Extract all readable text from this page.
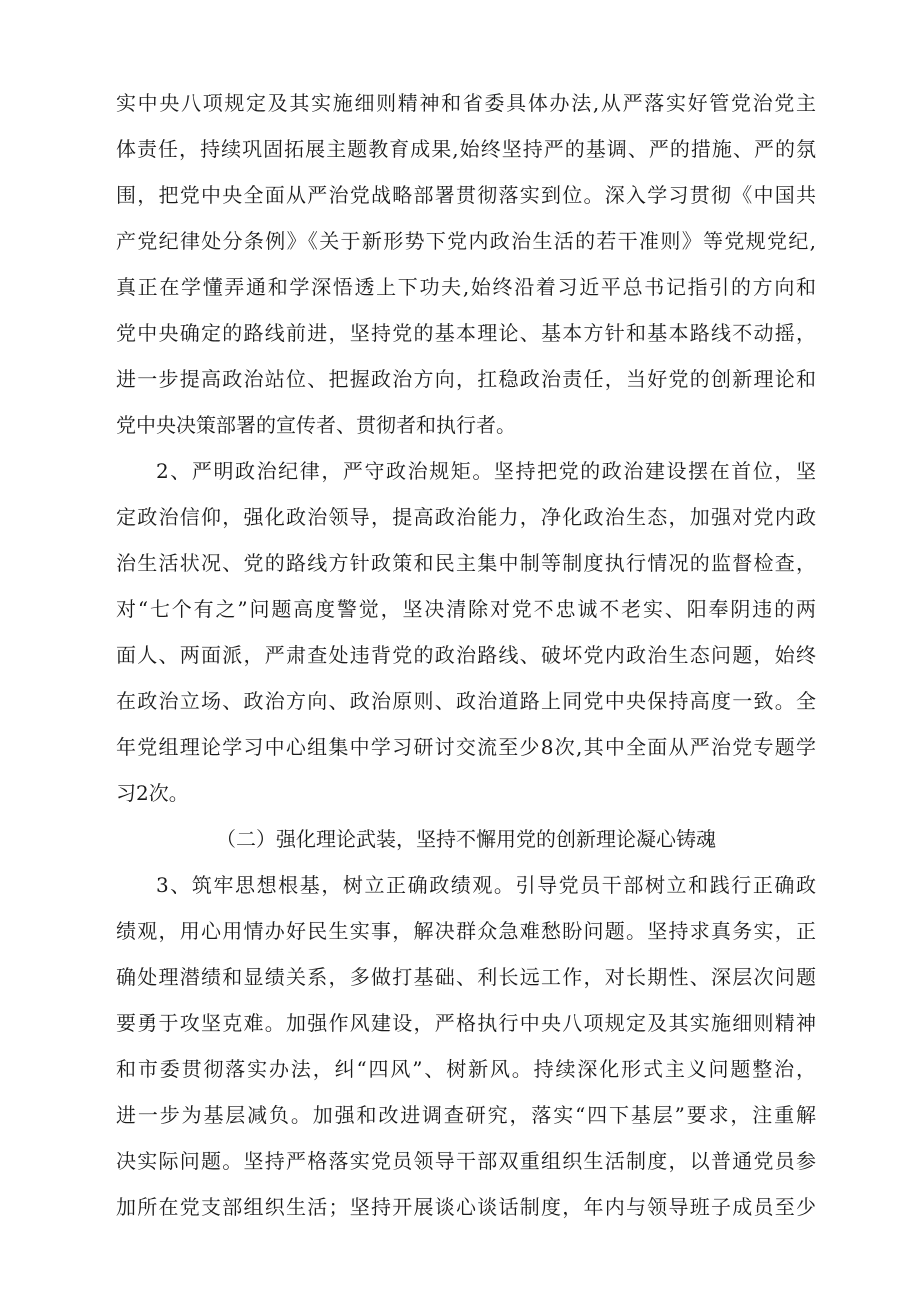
实中央八项规定及其实施细则精神和省委具体办法,从严落实好管党治党主
体责任，持续巩固拓展主题教育成果,始终坚持严的基调、严的措施、严的氛
围，把党中央全面从严治党战略部署贯彻落实到位。深入学习贯彻《中国共
产党纪律处分条例》《关于新形势下党内政治生活的若干准则》等党规党纪,
真正在学懂弄通和学深悟透上下功夫,始终沿着习近平总书记指引的方向和
党中央确定的路线前进，坚持党的基本理论、基本方针和基本路线不动摇，
进一步提高政治站位、把握政治方向，扛稳政治责任，当好党的创新理论和
党中央决策部署的宣传者、贯彻者和执行者。
2、严明政治纪律，严守政治规矩。坚持把党的政治建设摆在首位，坚
定政治信仰，强化政治领导，提高政治能力，净化政治生态，加强对党内政
治生活状况、党的路线方针政策和民主集中制等制度执行情况的监督检查，
对“七个有之”问题高度警觉，坚决清除对党不忠诚不老实、阳奉阴违的两
面人、两面派，严肃查处违背党的政治路线、破坏党内政治生态问题，始终
在政治立场、政治方向、政治原则、政治道路上同党中央保持高度一致。全
年党组理论学习中心组集中学习研讨交流至少8次,其中全面从严治党专题学
习2次。
（二）强化理论武装，坚持不懈用党的创新理论凝心铸魂
3、筑牢思想根基，树立正确政绩观。引导党员干部树立和践行正确政
绩观，用心用情办好民生实事，解决群众急难愁盼问题。坚持求真务实，正
确处理潜绩和显绩关系，多做打基础、利长远工作，对长期性、深层次问题
要勇于攻坚克难。加强作风建设，严格执行中央八项规定及其实施细则精神
和市委贯彻落实办法，纠“四风”、树新风。持续深化形式主义问题整治，
进一步为基层减负。加强和改进调查研究，落实“四下基层”要求，注重解
决实际问题。坚持严格落实党员领导干部双重组织生活制度，以普通党员参
加所在党支部组织生活；坚持开展谈心谈话制度，年内与领导班子成员至少
